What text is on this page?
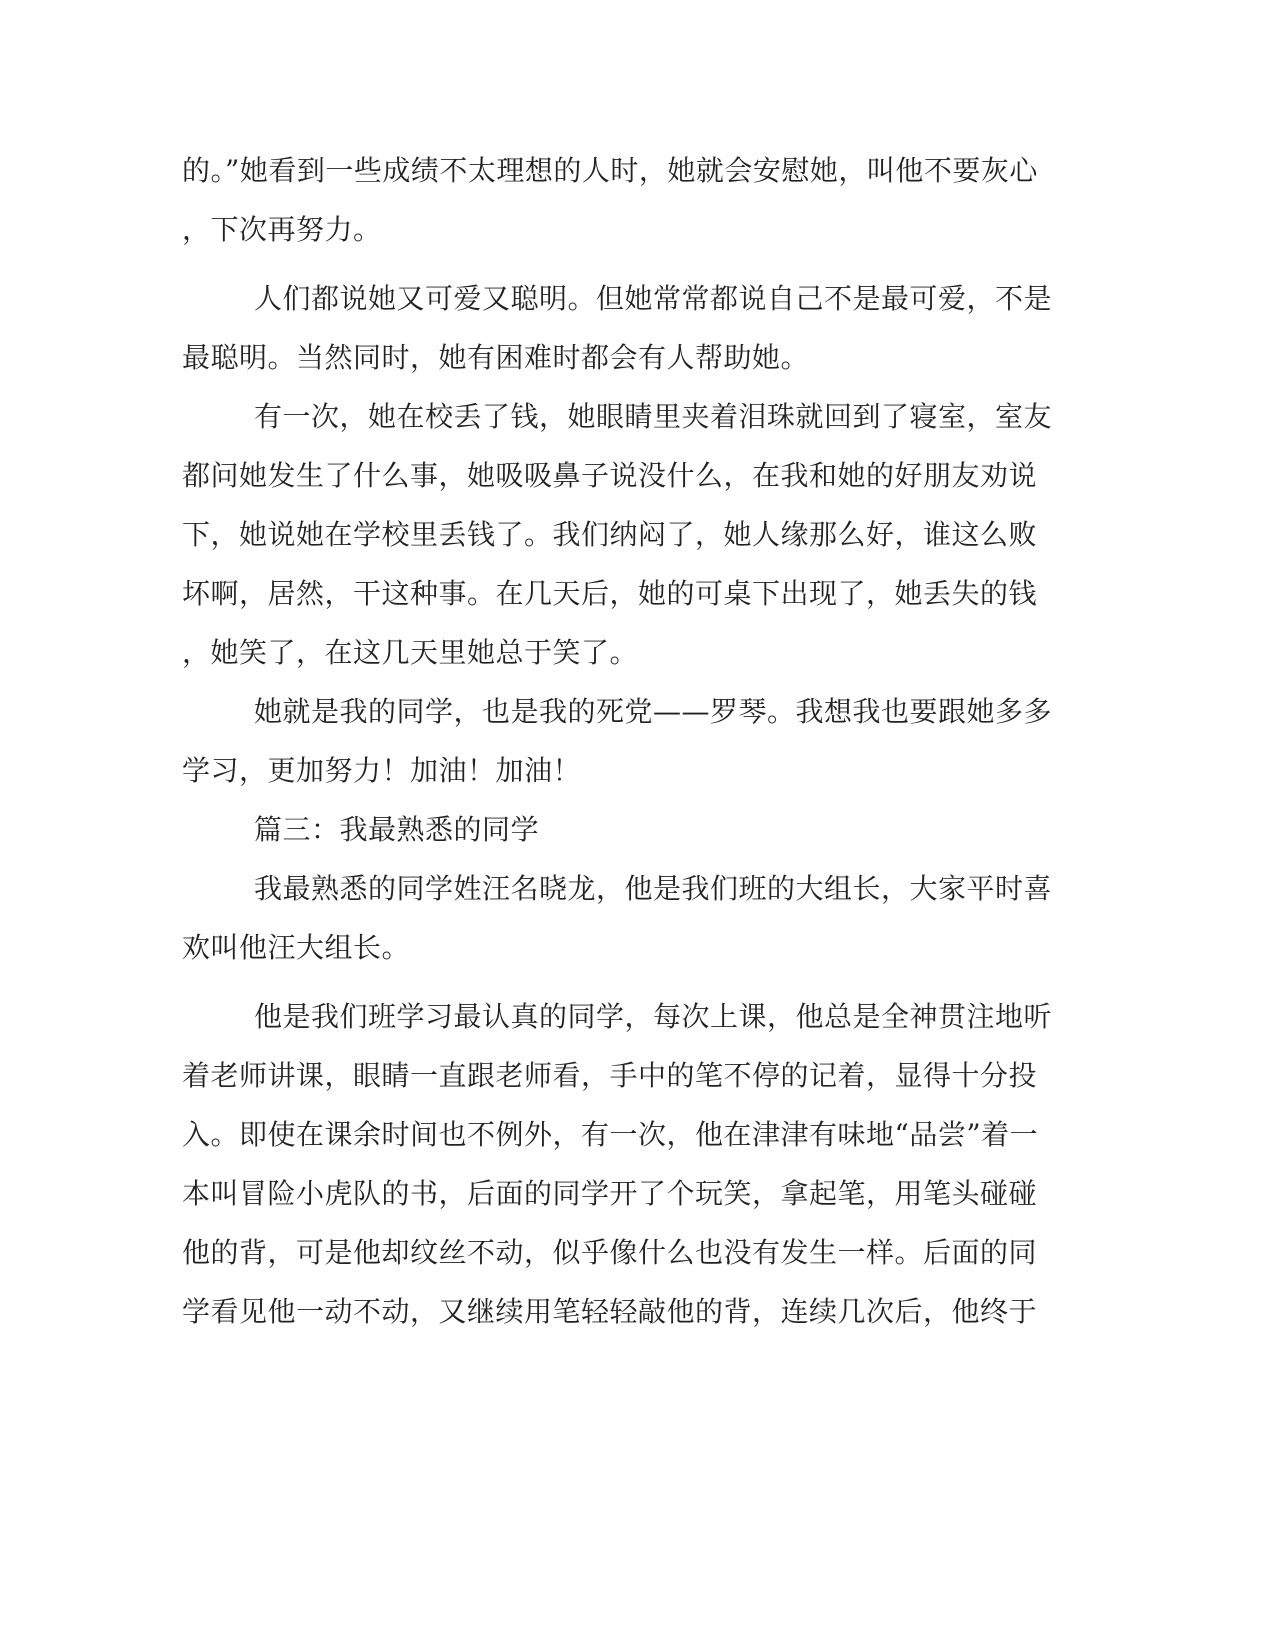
的。”她看到一些成绩不太理想的人时，她就会安慰她，叫他不要灰心
，下次再努力。
人们都说她又可爱又聪明。但她常常都说自己不是最可爱，不是
最聪明。当然同时，她有困难时都会有人帮助她。
有一次，她在校丢了钱，她眼睛里夹着泪珠就回到了寝室，室友
都问她发生了什么事，她吸吸鼻子说没什么，在我和她的好朋友劝说
下，她说她在学校里丢钱了。我们纳闷了，她人缘那么好，谁这么败
坏啊，居然，干这种事。在几天后，她的可桌下出现了，她丢失的钱
，她笑了，在这几天里她总于笑了。
她就是我的同学，也是我的死党——罗琴。我想我也要跟她多多
学习，更加努力！加油！加油！
篇三：我最熟悉的同学
我最熟悉的同学姓汪名晓龙，他是我们班的大组长，大家平时喜
欢叫他汪大组长。
他是我们班学习最认真的同学，每次上课，他总是全神贯注地听
着老师讲课，眼睛一直跟老师看，手中的笔不停的记着，显得十分投
入。即使在课余时间也不例外，有一次，他在津津有味地“品尝”着一
本叫冒险小虎队的书，后面的同学开了个玩笑，拿起笔，用笔头碰碰
他的背，可是他却纹丝不动，似乎像什么也没有发生一样。后面的同
学看见他一动不动，又继续用笔轻轻敲他的背，连续几次后，他终于
